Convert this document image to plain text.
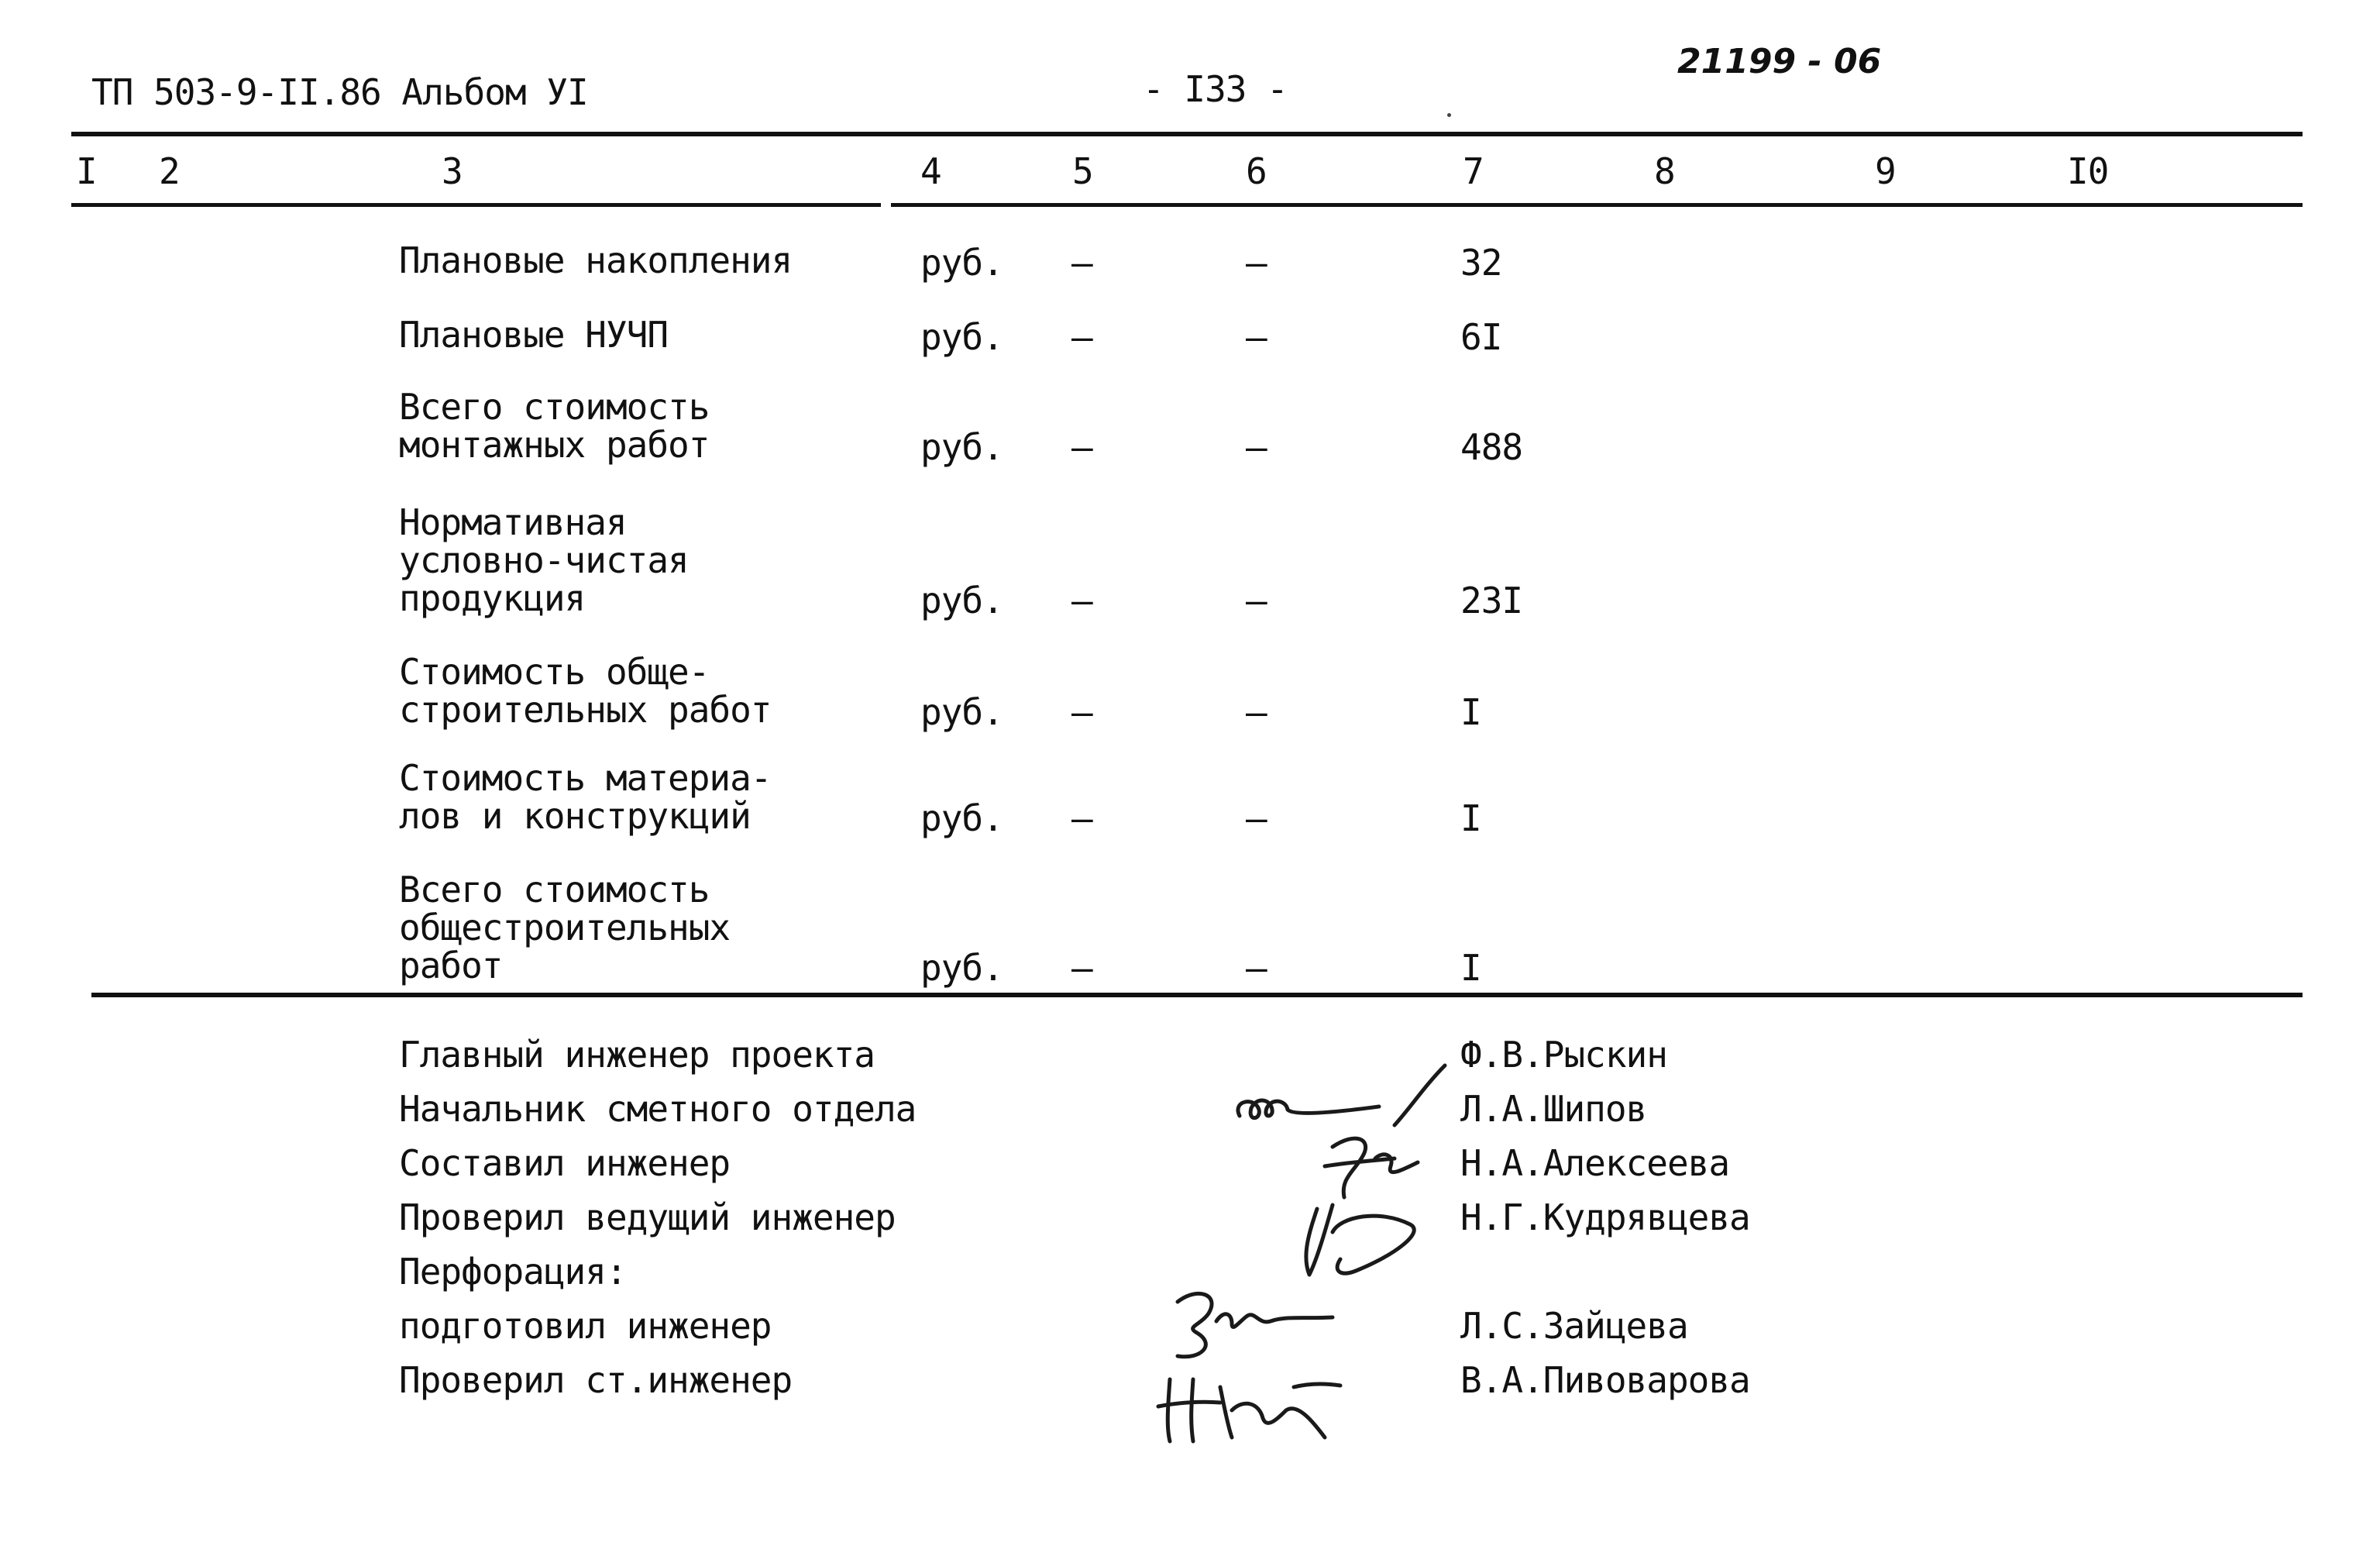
ТП 503-9-II.86 Альбом УI	- I33 -
21199 - 06
I 2	3	4	5	6	7	8	9	I0
Плановые накопления	руб. –	–	32
Плановые НУЧП	руб. –	–	6I
Всего стоимость
монтажных работ	руб. –	–	488
Нормативная
условно-чистая
продукция	руб. –	–	23I
Стоимость обще-
строительных работ	руб. –	–	I
Стоимость материа-
лов и конструкций	руб. –	–	I
Всего стоимость
общестроительных
работ	руб. –	–	I
Главный инженер проекта	Ф.В.Рыскин
Начальник сметного отдела	Л.А.Шипов
Составил инженер	Н.А.Алексеева
Проверил ведущий инженер	Н.Г.Кудрявцева
Перфорация:
подготовил инженер	Л.С.Зайцева
Проверил ст.инженер	В.А.Пивоварова
